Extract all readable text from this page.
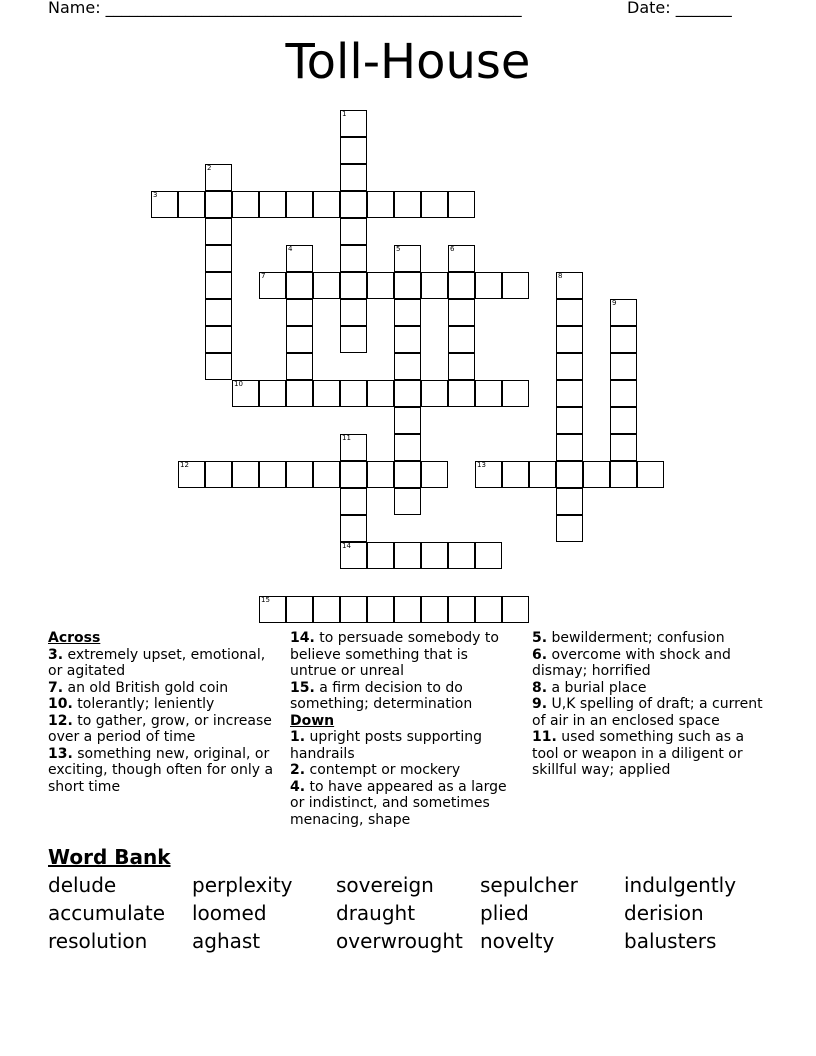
Name: ____________________________________________________	Date: _______
Toll-House
1
2
3
4	5	6
7	8
9
10
11
14
12	13
15
Across
3. extremely upset, emotional, or agitated
7. an old British gold coin
10. tolerantly; leniently
12. to gather, grow, or increase over a period of time
13. something new, original, or exciting, though often for only a short time
14. to persuade somebody to believe something that is untrue or unreal
15. a firm decision to do something; determination
Down
1. upright posts supporting handrails
2. contempt or mockery
4. to have appeared as a large or indistinct, and sometimes menacing, shape
5. bewilderment; confusion
6. overcome with shock and dismay; horrified
8. a burial place
9. U,K spelling of draft; a current of air in an enclosed space
11. used something such as a tool or weapon in a diligent or skillful way; applied
Word Bank
delude	perplexity sovereign sepulcher indulgently
accumulate loomed	draught	plied	derision
resolution aghast	overwrought novelty	balusters
